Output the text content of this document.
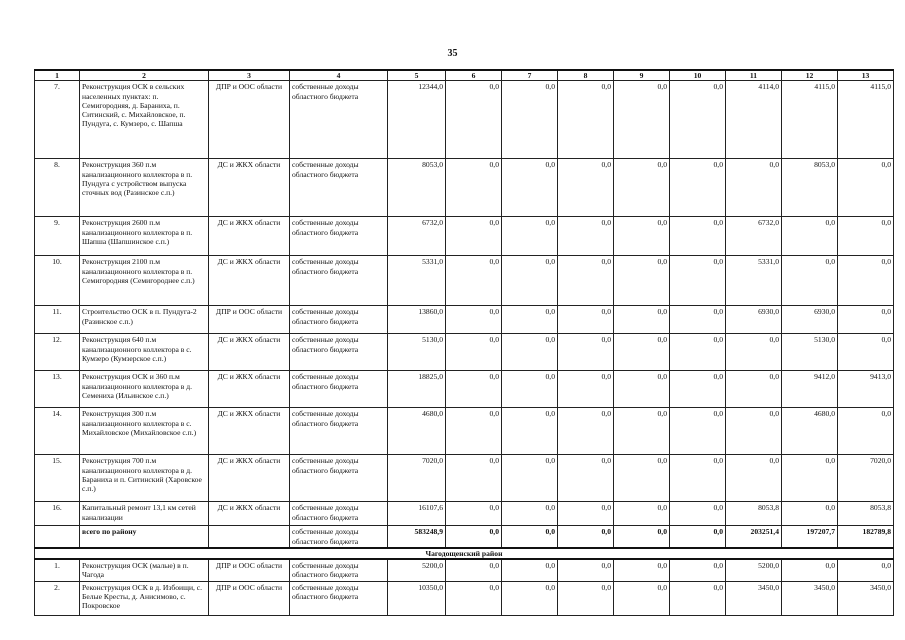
35
1	2	3	4	5	6	7	8	9	10	11	12	13
7.	Реконструкция ОСК в сельских населенных пунктах: п. Семигородняя, д. Бараниха, п. Ситинский, с. Михайловское, п. Пундуга, с. Кумзеро, с. Шапша	ДПР и ООС области	собственные доходы областного бюджета	12344,0	0,0	0,0	0,0	0,0	0,0	4114,0	4115,0	4115,0
8.	Реконструкция 360 п.м канализационного коллектора в п. Пундуга с устройством выпуска сточных вод (Разинское с.п.)	ДС и ЖКХ области	собственные доходы областного бюджета	8053,0	0,0	0,0	0,0	0,0	0,0	0,0	8053,0	0,0
9.	Реконструкция 2600 п.м канализационного коллектора в п. Шапша (Шапшинское с.п.)	ДС и ЖКХ области	собственные доходы областного бюджета	6732,0	0,0	0,0	0,0	0,0	0,0	6732,0	0,0	0,0
10.	Реконструкция 2100 п.м канализационного коллектора в п. Семигородняя (Семигороднее с.п.)	ДС и ЖКХ области	собственные доходы областного бюджета	5331,0	0,0	0,0	0,0	0,0	0,0	5331,0	0,0	0,0
11.	Строительство ОСК в п. Пундуга-2 (Разинское с.п.)	ДПР и ООС области	собственные доходы областного бюджета	13860,0	0,0	0,0	0,0	0,0	0,0	6930,0	6930,0	0,0
12.	Реконструкция 640 п.м канализационного коллектора в с. Кумзеро (Кумзерское с.п.)	ДС и ЖКХ области	собственные доходы областного бюджета	5130,0	0,0	0,0	0,0	0,0	0,0	0,0	5130,0	0,0
13.	Реконструкция ОСК и 360 п.м канализационного коллектора в д. Семениха (Ильинское с.п.)	ДС и ЖКХ области	собственные доходы областного бюджета	18825,0	0,0	0,0	0,0	0,0	0,0	0,0	9412,0	9413,0
14.	Реконструкция 300 п.м канализационного коллектора в с. Михайловское (Михайловское с.п.)	ДС и ЖКХ области	собственные доходы областного бюджета	4680,0	0,0	0,0	0,0	0,0	0,0	0,0	4680,0	0,0
15.	Реконструкция 700 п.м канализационного коллектора в д. Бараниха и п. Ситинский (Харовское с.п.)	ДС и ЖКХ области	собственные доходы областного бюджета	7020,0	0,0	0,0	0,0	0,0	0,0	0,0	0,0	7020,0
16.	Капитальный ремонт 13,1 км сетей канализации	ДС и ЖКХ области	собственные доходы областного бюджета	16107,6	0,0	0,0	0,0	0,0	0,0	8053,8	0,0	8053,8
	всего по району		собственные доходы областного бюджета	583248,9	0,0	0,0	0,0	0,0	0,0	203251,4	197207,7	182789,8
Чагодощенский район												
1.	Реконструкция ОСК (малые) в п. Чагода	ДПР и ООС области	собственные доходы областного бюджета	5200,0	0,0	0,0	0,0	0,0	0,0	5200,0	0,0	0,0
2.	Реконструкция ОСК в д. Избоищи, с. Белые Кресты, д. Анисимово, с. Покровское	ДПР и ООС области	собственные доходы областного бюджета	10350,0	0,0	0,0	0,0	0,0	0,0	3450,0	3450,0	3450,0
